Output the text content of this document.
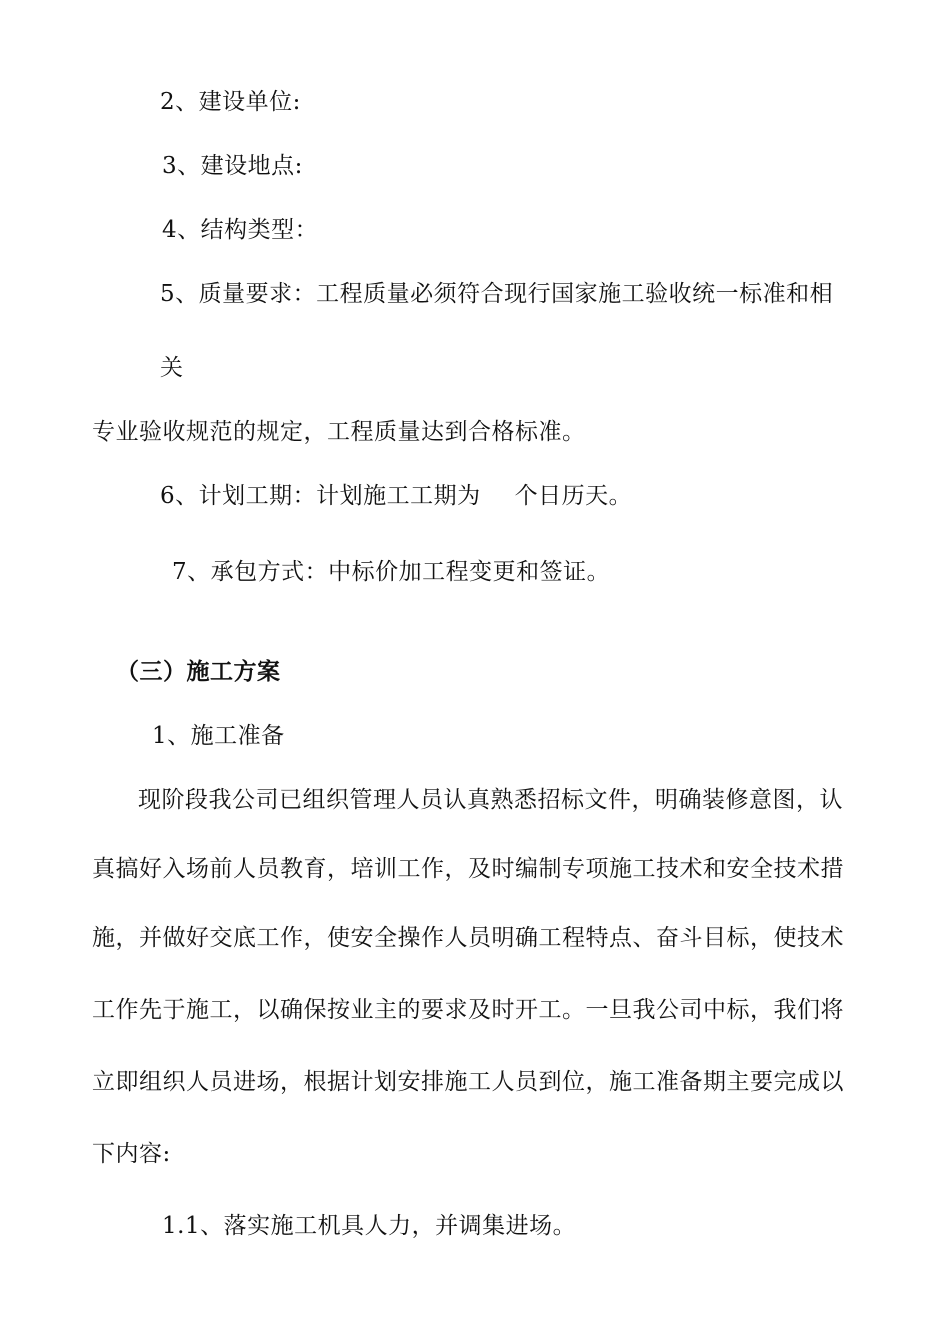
2、建设单位:
3、建设地点:
4、结构类型：
5、质量要求：工程质量必须符合现行国家施工验收统一标准和相
关
专业验收规范的规定，工程质量达到合格标准。
6、计划工期：计划施工工期为 个日历天。
7、承包方式：中标价加工程变更和签证。
（三）施工方案
1、施工准备
现阶段我公司已组织管理人员认真熟悉招标文件，明确装修意图，认
真搞好入场前人员教育，培训工作，及时编制专项施工技术和安全技术措
施，并做好交底工作，使安全操作人员明确工程特点、奋斗目标，使技术
工作先于施工，以确保按业主的要求及时开工。一旦我公司中标，我们将
立即组织人员进场，根据计划安排施工人员到位，施工准备期主要完成以
下内容:
1.1、落实施工机具人力，并调集进场。
